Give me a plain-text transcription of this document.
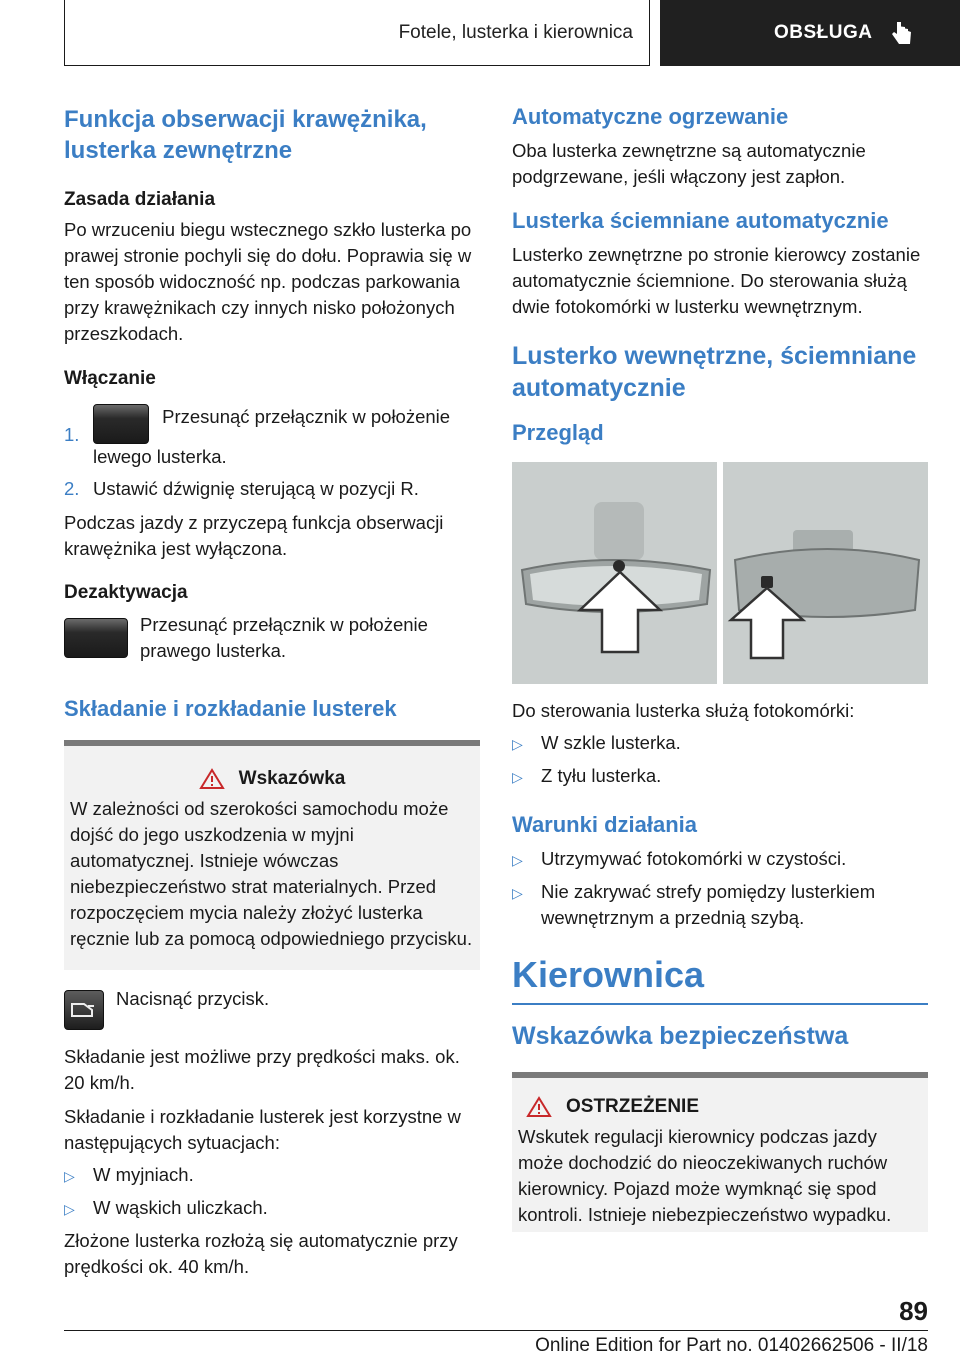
Fotele, lusterka i kierownica	OBSŁUGA
Funkcja obserwacji krawężnika, lusterka zewnętrzne
Zasada działania

Po wrzuceniu biegu wstecznego szkło lusterka po prawej stronie pochyli się do dołu. Poprawia się w ten sposób widoczność np. podczas parkowania przy krawężnikach czy innych nisko położonych przeszkodach.

Włączanie
1.
Przesunąć przełącznik w położenie lewego lusterka.
2. Ustawić dźwignię sterującą w pozycji R.

Podczas jazdy z przyczepą funkcja obserwacji krawężnika jest wyłączona.

Dezaktywacja

Przesunąć przełącznik w położenie prawego lusterka.

Składanie i rozkładanie lusterek
Wskazówka

W zależności od szerokości samochodu może dojść do jego uszkodzenia w myjni automatycznej. Istnieje wówczas niebezpieczeństwo strat materialnych. Przed rozpoczęciem mycia należy złożyć lusterka ręcznie lub za pomocą odpowiedniego przycisku.

Nacisnąć przycisk.

Składanie jest możliwe przy prędkości maks. ok. 20 km/h.

Składanie i rozkładanie lusterek jest korzystne w następujących sytuacjach:

▷ W myjniach.
▷ W wąskich uliczkach.

Złożone lusterka rozłożą się automatycznie przy prędkości ok. 40 km/h.

Automatyczne ogrzewanie

Oba lusterka zewnętrzne są automatycznie podgrzewane, jeśli włączony jest zapłon.

Lusterka ściemniane automatycznie

Lusterko zewnętrzne po stronie kierowcy zostanie automatycznie ściemnione. Do sterowania służą dwie fotokomórki w lusterku wewnętrznym.

Lusterko wewnętrzne, ściemniane automatycznie
Przegląd

Do sterowania lusterka służą fotokomórki:

▷ W szkle lusterka.
▷ Z tyłu lusterka.
Warunki działania
▷ Utrzymywać fotokomórki w czystości.
▷ Nie zakrywać strefy pomiędzy lusterkiem wewnętrznym a przednią szybą.
Kierownica
Wskazówka bezpieczeństwa
OSTRZEŻENIE

Wskutek regulacji kierownicy podczas jazdy może dochodzić do nieoczekiwanych ruchów kierownicy. Pojazd może wymknąć się spod kontroli. Istnieje niebezpieczeństwo wypadku.

89
Online Edition for Part no. 01402662506 - II/18
